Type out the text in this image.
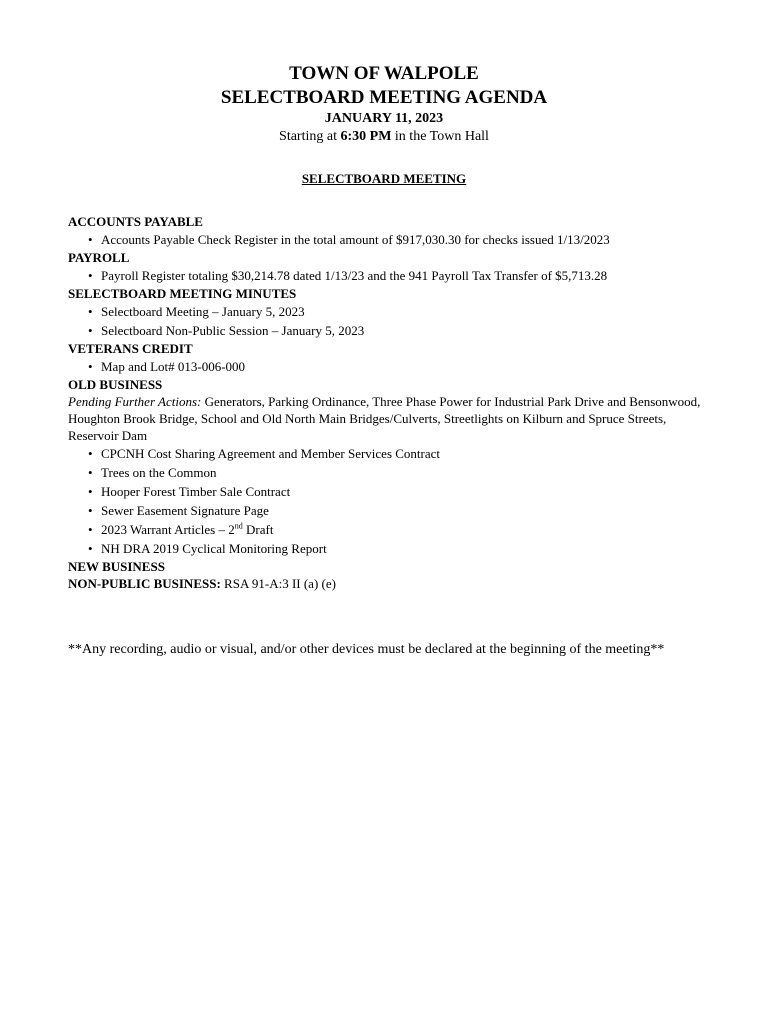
TOWN OF WALPOLE
SELECTBOARD MEETING AGENDA
JANUARY 11, 2023
Starting at 6:30 PM in the Town Hall
SELECTBOARD MEETING
ACCOUNTS PAYABLE
• Accounts Payable Check Register in the total amount of $917,030.30 for checks issued 1/13/2023
PAYROLL
• Payroll Register totaling $30,214.78 dated 1/13/23 and the 941 Payroll Tax Transfer of $5,713.28
SELECTBOARD MEETING MINUTES
• Selectboard Meeting – January 5, 2023
• Selectboard Non-Public Session – January 5, 2023
VETERANS CREDIT
• Map and Lot# 013-006-000
OLD BUSINESS
Pending Further Actions: Generators, Parking Ordinance, Three Phase Power for Industrial Park Drive and Bensonwood, Houghton Brook Bridge, School and Old North Main Bridges/Culverts, Streetlights on Kilburn and Spruce Streets, Reservoir Dam
• CPCNH Cost Sharing Agreement and Member Services Contract
• Trees on the Common
• Hooper Forest Timber Sale Contract
• Sewer Easement Signature Page
• 2023 Warrant Articles – 2nd Draft
• NH DRA 2019 Cyclical Monitoring Report
NEW BUSINESS
NON-PUBLIC BUSINESS: RSA 91-A:3 II (a) (e)
**Any recording, audio or visual, and/or other devices must be declared at the beginning of the meeting**
